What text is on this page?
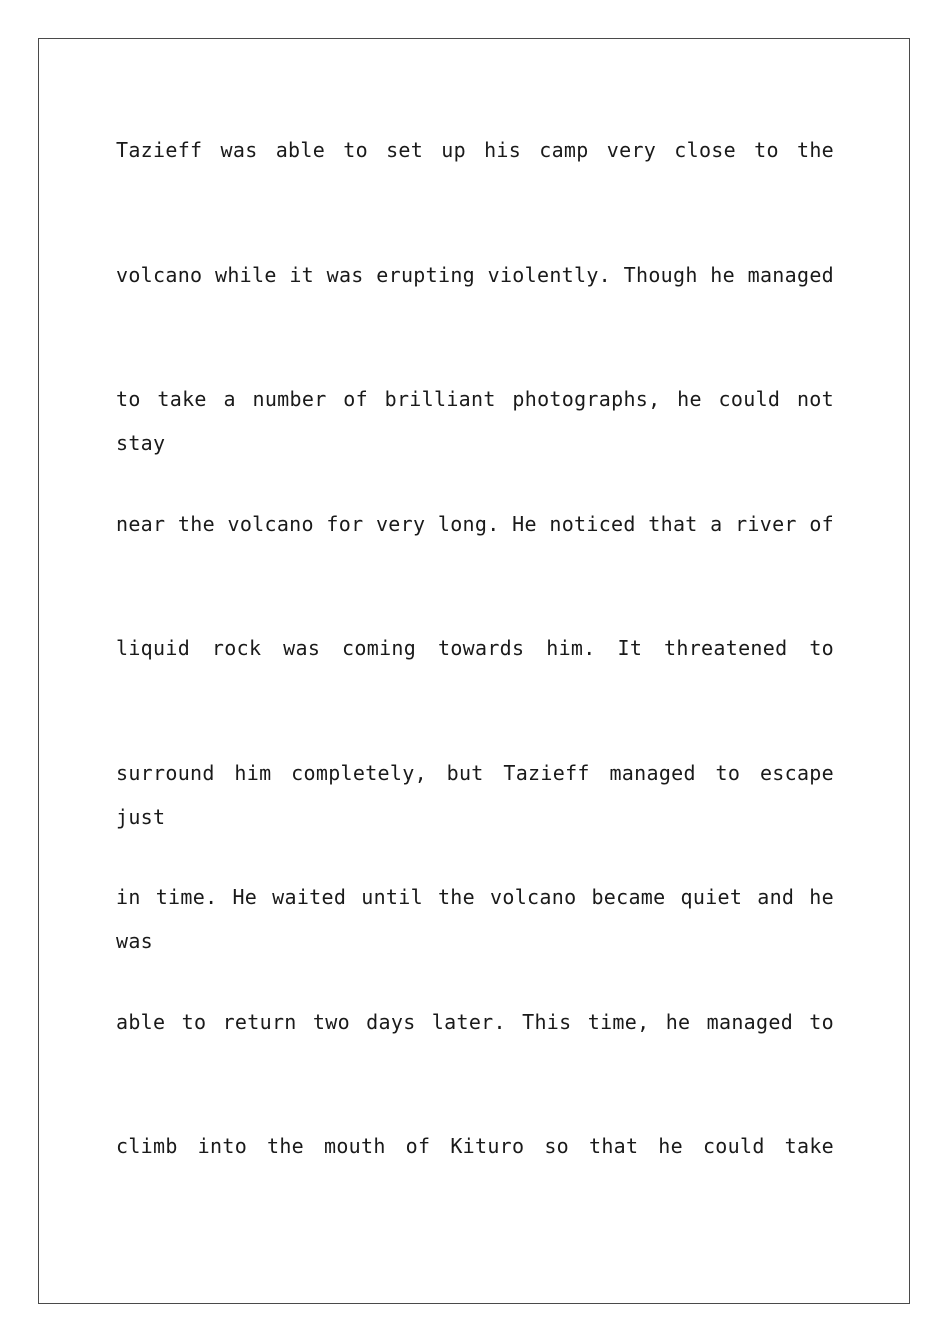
Tazieff was able to set up his camp very close to the
volcano while it was erupting violently. Though he managed
to take a number of brilliant photographs, he could not stay
near the volcano for very long. He noticed that a river of
liquid rock was coming towards him. It threatened to
surround him completely, but Tazieff managed to escape just
in time. He waited until the volcano became quiet and he was
able to return two days later. This time, he managed to
climb into the mouth of Kituro so that he could take
